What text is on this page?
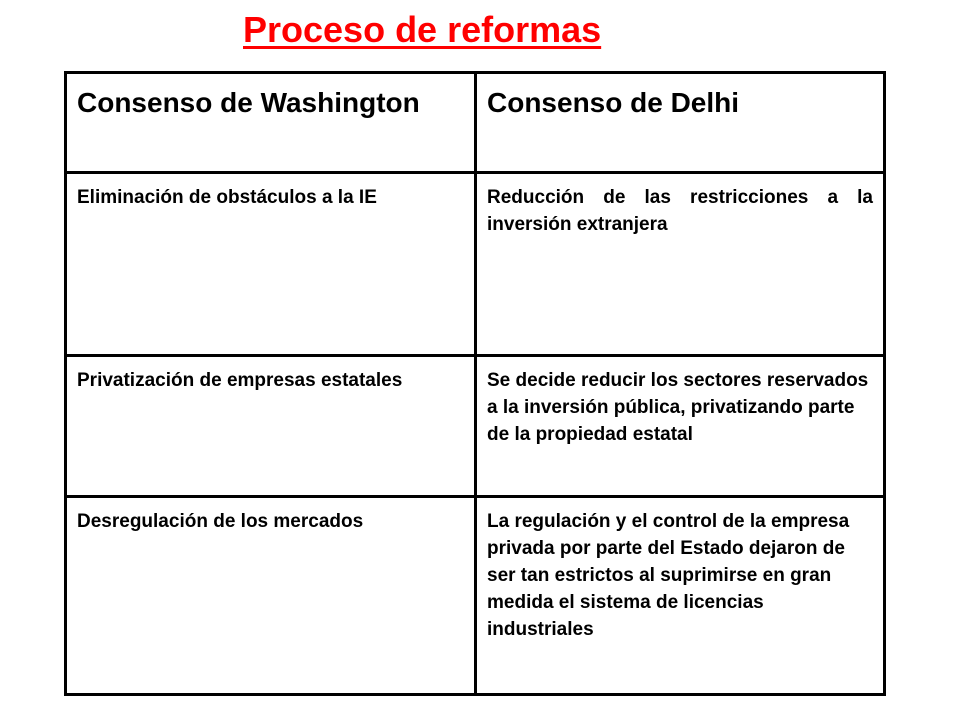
Proceso de reformas
Consenso de Washington	Consenso de Delhi
Eliminación de obstáculos a la IE	Reducción de las restricciones a la inversión extranjera
Privatización de empresas estatales	Se decide reducir los sectores reservados a la inversión pública, privatizando parte de la propiedad estatal
Desregulación de los mercados	La regulación y el control de la empresa privada por parte del Estado dejaron de ser tan estrictos al suprimirse en gran medida el sistema de licencias industriales
